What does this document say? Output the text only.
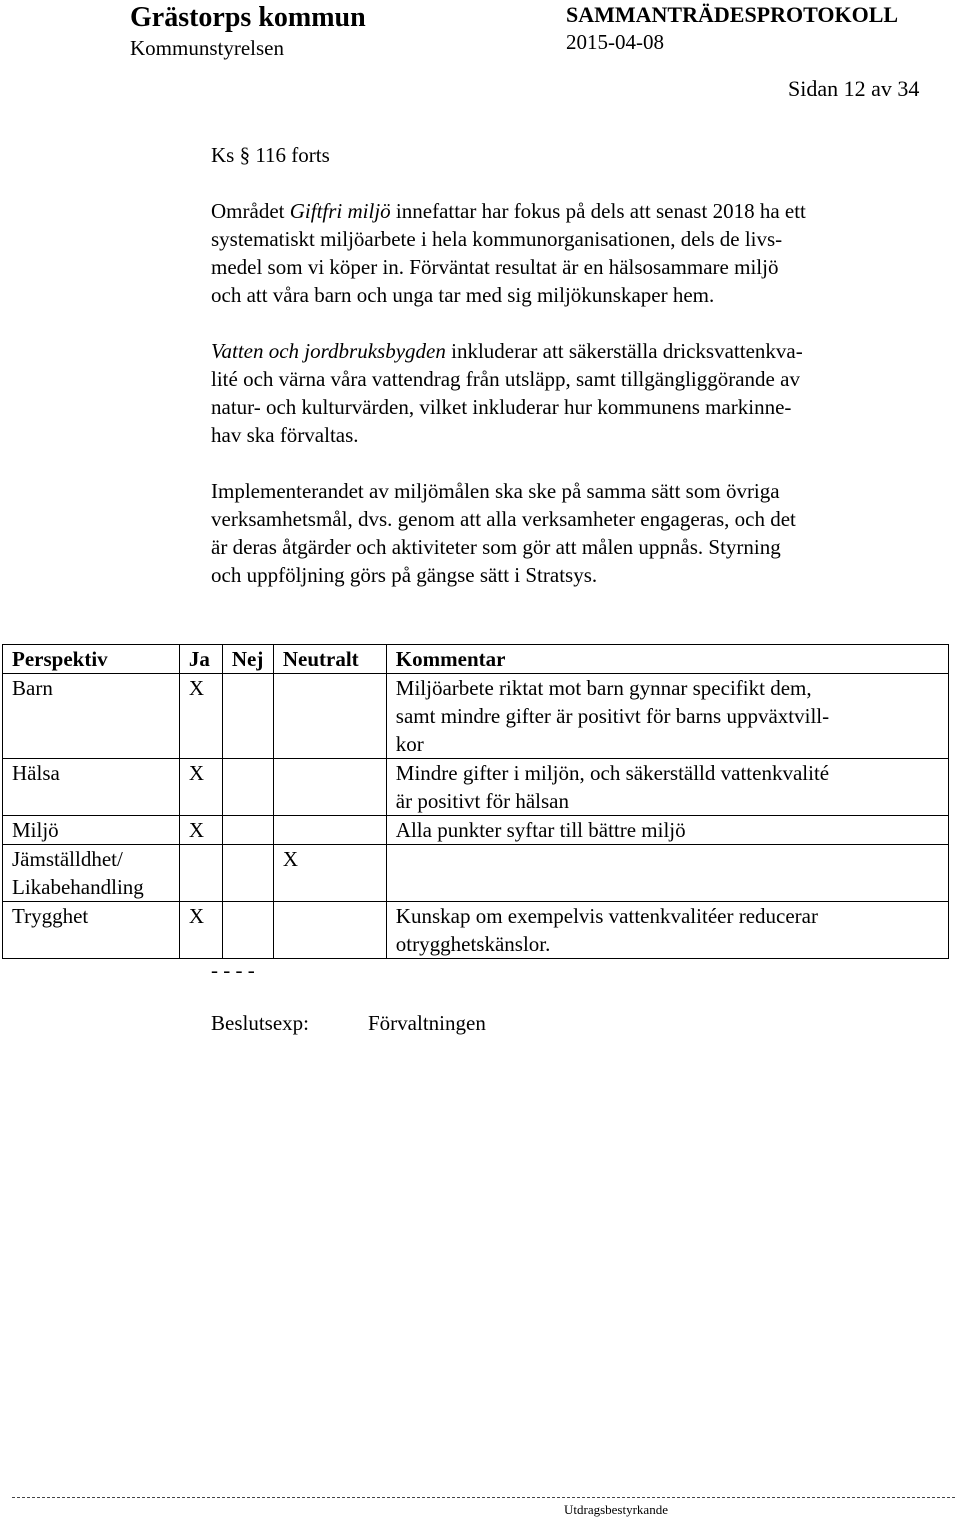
Grästorps kommun
Kommunstyrelsen
SAMMANTRÄDESPROTOKOLL
2015-04-08
Sidan 12 av 34

Ks § 116 forts

Området Giftfri miljö innefattar har fokus på dels att senast 2018 ha ett
systematiskt miljöarbete i hela kommunorganisationen, dels de livs-
medel som vi köper in. Förväntat resultat är en hälsosammare miljö
och att våra barn och unga tar med sig miljökunskaper hem.

Vatten och jordbruksbygden inkluderar att säkerställa dricksvattenkva-
lité och värna våra vattendrag från utsläpp, samt tillgängliggörande av
natur- och kulturvärden, vilket inkluderar hur kommunens markinne-
hav ska förvaltas.

Implementerandet av miljömålen ska ske på samma sätt som övriga
verksamhetsmål, dvs. genom att alla verksamheter engageras, och det
är deras åtgärder och aktiviteter som gör att målen uppnås. Styrning
och uppföljning görs på gängse sätt i Stratsys.

Perspektiv	Ja	Nej	Neutralt	Kommentar

Barn	X			Miljöarbete riktat mot barn gynnar specifikt dem,
samt mindre gifter är positivt för barns uppväxtvill-
kor

Hälsa	X			Mindre gifter i miljön, och säkerställd vattenkvalité
är positivt för hälsan

Miljö	X			Alla punkter syftar till bättre miljö

Jämställdhet/
Likabehandling			X	

Trygghet	X			Kunskap om exempelvis vattenkvalitéer reducerar
otrygghetskänslor.
- - - -
Beslutsexp:	Förvaltningen
Utdragsbestyrkande
